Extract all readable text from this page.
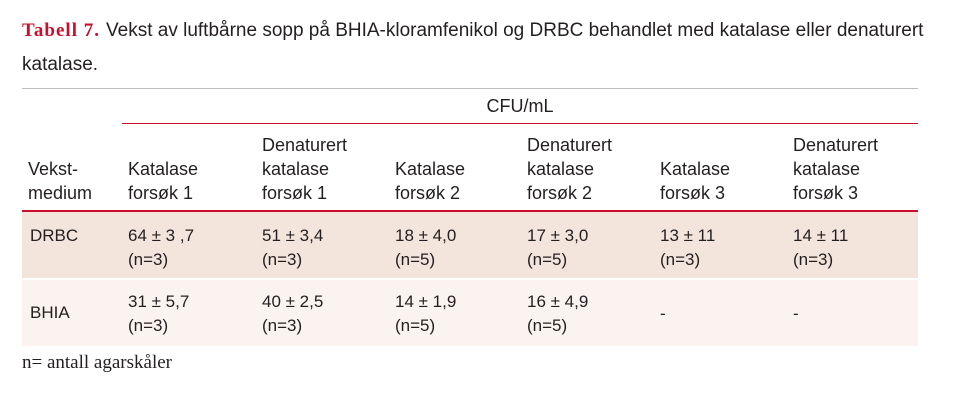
Tabell 7. Vekst av luftbårne sopp på BHIA-kloramfenikol og DRBC behandlet med katalase eller denaturert katalase.
CFU/mL
Vekst-
medium
Katalase
forsøk 1
Denaturert
katalase
forsøk 1
Katalase
forsøk 2
Denaturert
katalase
forsøk 2
Katalase
forsøk 3
Denaturert
katalase
forsøk 3
DRBC	64 ± 3 ,7
(n=3)
51 ± 3,4
(n=3)
18 ± 4,0
(n=5)
17 ± 3,0
(n=5)
13 ± 11
(n=3)
14 ± 11
(n=3)
BHIA
31 ± 5,7
(n=3)
40 ± 2,5
(n=3)
14 ± 1,9
(n=5)
16 ± 4,9
(n=5)
-	-
n= antall agarskåler
